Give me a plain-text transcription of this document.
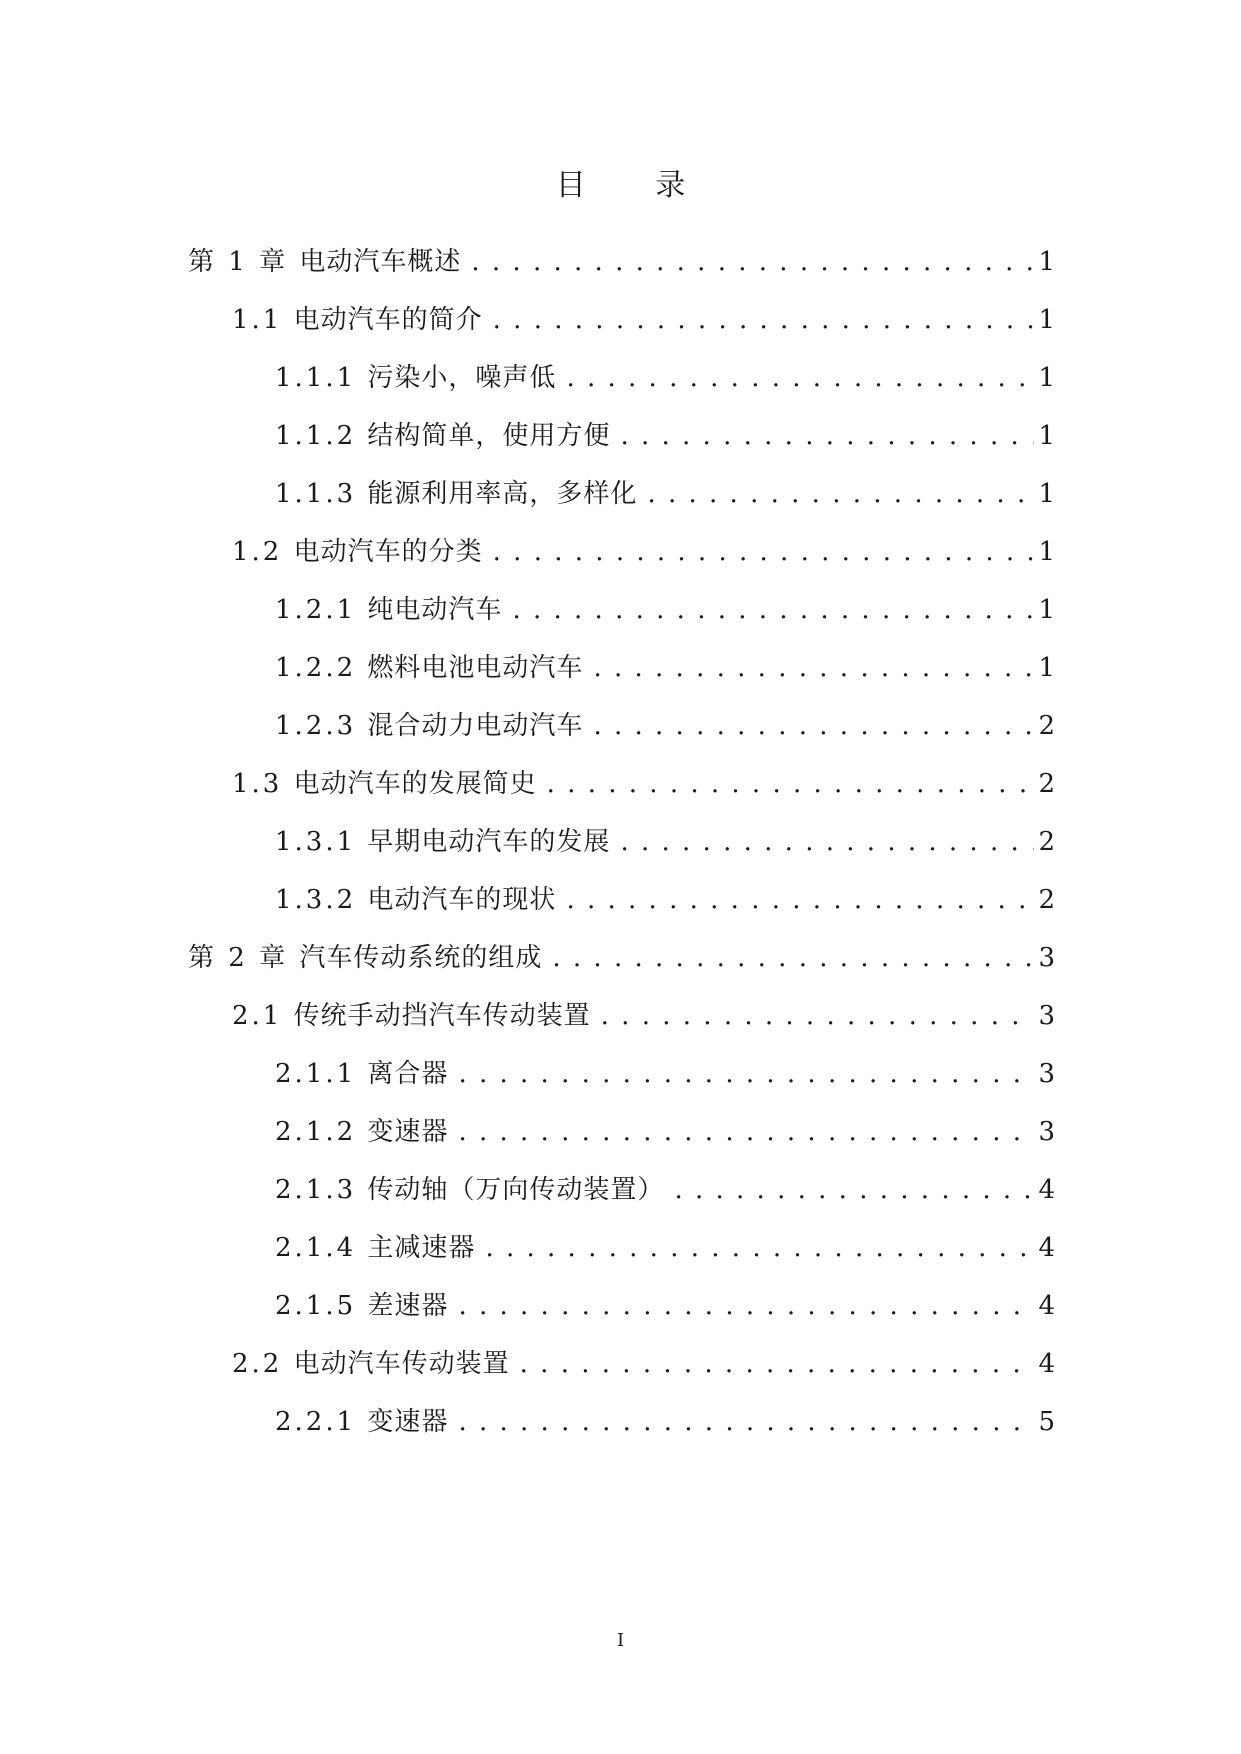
目 录
第 1 章 电动汽车概述 . . .	1
1.1 电动汽车的简介 . . .	1
1.1.1 污染小，噪声低 . . .	1
1.1.2 结构简单，使用方便 . . .	1
1.1.3 能源利用率高，多样化 . . .	1
1.2 电动汽车的分类 . . .	1
1.2.1 纯电动汽车 . . .	1
1.2.2 燃料电池电动汽车 . . .	1
1.2.3 混合动力电动汽车 . . .	2
1.3 电动汽车的发展简史 . . .	2
1.3.1 早期电动汽车的发展 . . .	2
1.3.2 电动汽车的现状 . . .	2
第 2 章 汽车传动系统的组成 . . .	3
2.1 传统手动挡汽车传动装置 . . .	3
2.1.1 离合器 . . .	3
2.1.2 变速器 . . .	3
2.1.3 传动轴（万向传动装置） . . .	4
2.1.4 主减速器 . . .	4
2.1.5 差速器 . . .	4
2.2 电动汽车传动装置 . . .	4
2.2.1 变速器 . . .	5
I
